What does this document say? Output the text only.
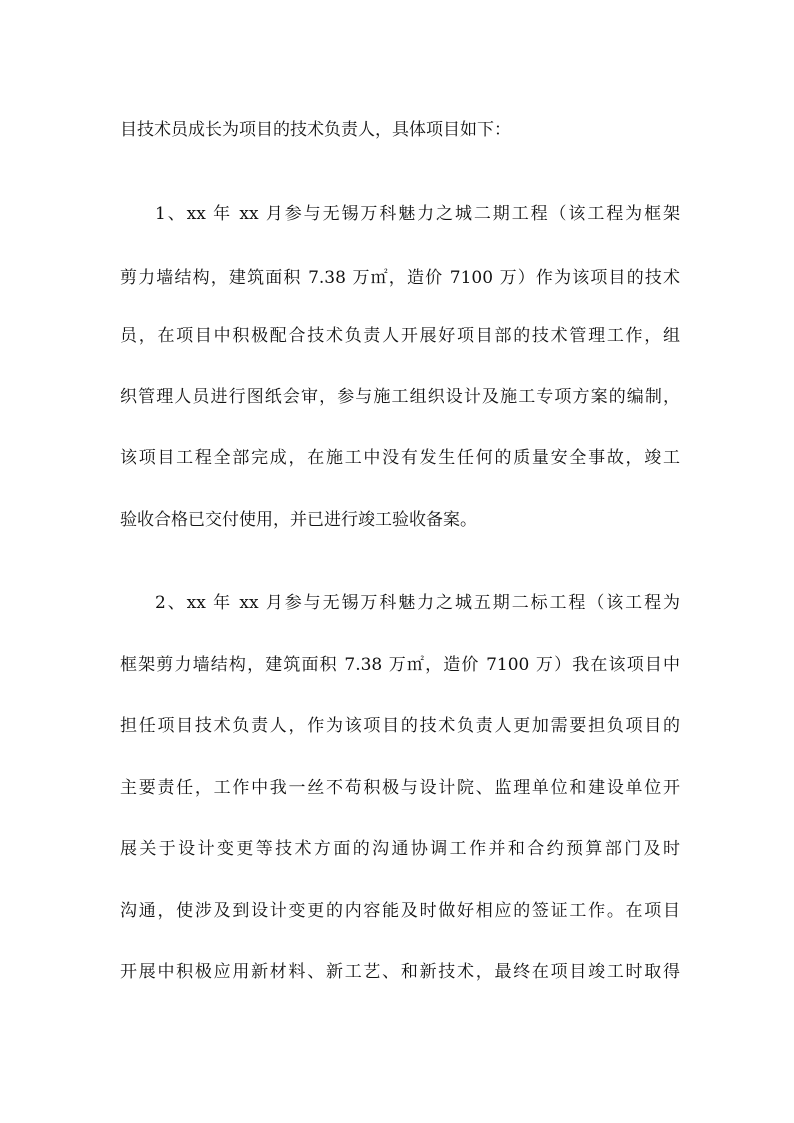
目技术员成长为项目的技术负责人，具体项目如下：
1、xx 年 xx 月参与无锡万科魅力之城二期工程（该工程为框架
剪力墙结构，建筑面积 7.38 万㎡，造价 7100 万）作为该项目的技术
员，在项目中积极配合技术负责人开展好项目部的技术管理工作，组
织管理人员进行图纸会审，参与施工组织设计及施工专项方案的编制，
该项目工程全部完成，在施工中没有发生任何的质量安全事故，竣工
验收合格已交付使用，并已进行竣工验收备案。
2、xx 年 xx 月参与无锡万科魅力之城五期二标工程（该工程为
框架剪力墙结构，建筑面积 7.38 万㎡，造价 7100 万）我在该项目中
担任项目技术负责人，作为该项目的技术负责人更加需要担负项目的
主要责任，工作中我一丝不苟积极与设计院、监理单位和建设单位开
展关于设计变更等技术方面的沟通协调工作并和合约预算部门及时
沟通，使涉及到设计变更的内容能及时做好相应的签证工作。在项目
开展中积极应用新材料、新工艺、和新技术，最终在项目竣工时取得
